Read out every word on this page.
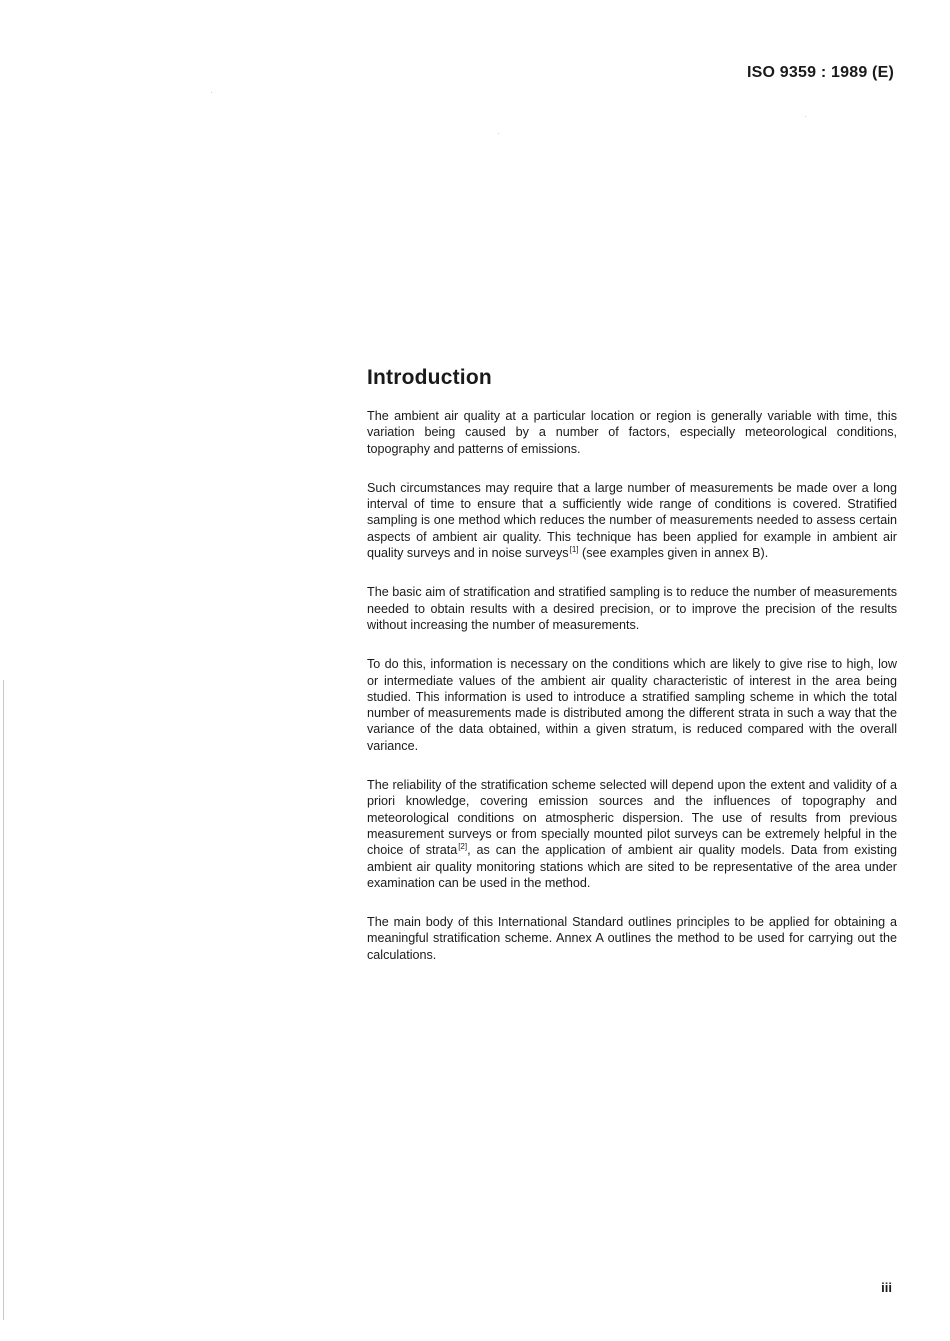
ISO 9359 : 1989 (E)
Introduction

The ambient air quality at a particular location or region is generally variable with time, this variation being caused by a number of factors, especially meteorological conditions, topography and patterns of emissions.

Such circumstances may require that a large number of measurements be made over a long interval of time to ensure that a sufficiently wide range of conditions is covered. Stratified sampling is one method which reduces the number of measurements needed to assess certain aspects of ambient air quality. This technique has been applied for example in ambient air quality surveys and in noise surveys[1] (see examples given in annex B).

The basic aim of stratification and stratified sampling is to reduce the number of measurements needed to obtain results with a desired precision, or to improve the precision of the results without increasing the number of measurements.

To do this, information is necessary on the conditions which are likely to give rise to high, low or intermediate values of the ambient air quality characteristic of interest in the area being studied. This information is used to introduce a stratified sampling scheme in which the total number of measurements made is distributed among the different strata in such a way that the variance of the data obtained, within a given stratum, is reduced compared with the overall variance.

The reliability of the stratification scheme selected will depend upon the extent and validity of a priori knowledge, covering emission sources and the influences of topography and meteorological conditions on atmospheric dispersion. The use of results from previous measurement surveys or from specially mounted pilot surveys can be extremely helpful in the choice of strata[2], as can the application of ambient air quality models. Data from existing ambient air quality monitoring stations which are sited to be representative of the area under examination can be used in the method.

The main body of this International Standard outlines principles to be applied for obtaining a meaningful stratification scheme. Annex A outlines the method to be used for carrying out the calculations.

iii
